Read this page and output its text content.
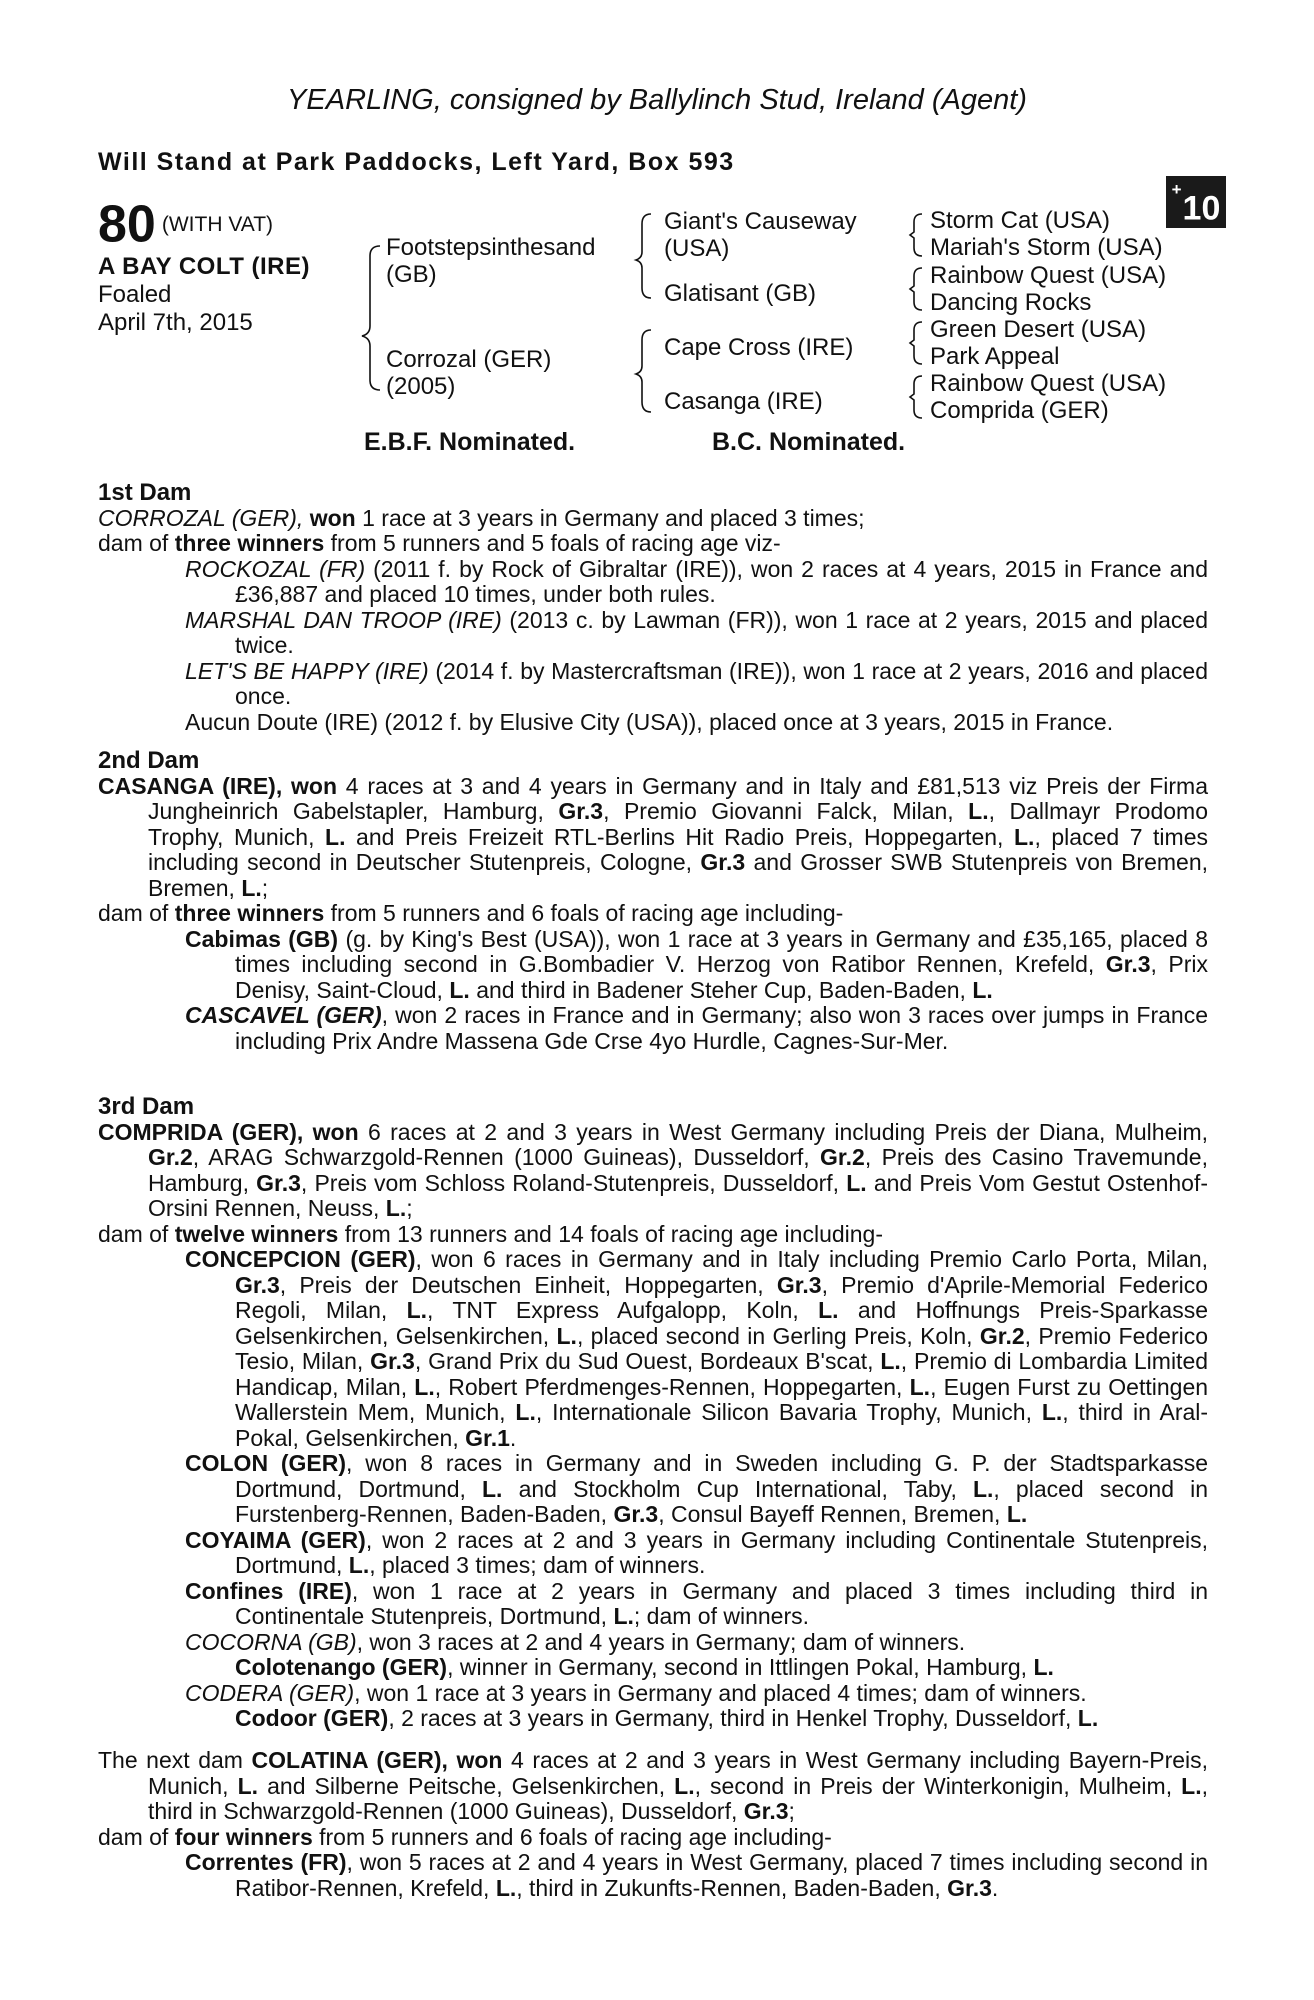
YEARLING, consigned by Ballylinch Stud, Ireland (Agent)
Will Stand at Park Paddocks, Left Yard, Box 593
+10
80 (WITH VAT)
A BAY COLT (IRE)
Foaled
April 7th, 2015
Footstepsinthesand
(GB)
Corrozal (GER)
(2005)
Giant's Causeway
(USA)
Glatisant (GB)
Cape Cross (IRE)
Casanga (IRE)
Storm Cat (USA)
Mariah's Storm (USA)
Rainbow Quest (USA)
Dancing Rocks
Green Desert (USA)
Park Appeal
Rainbow Quest (USA)
Comprida (GER)
E.B.F. Nominated.	B.C. Nominated.
1st Dam
CORROZAL (GER), won 1 race at 3 years in Germany and placed 3 times;
dam of three winners from 5 runners and 5 foals of racing age viz-
ROCKOZAL (FR) (2011 f. by Rock of Gibraltar (IRE)), won 2 races at 4 years, 2015 in France and £36,887 and placed 10 times, under both rules.
MARSHAL DAN TROOP (IRE) (2013 c. by Lawman (FR)), won 1 race at 2 years, 2015 and placed twice.
LET'S BE HAPPY (IRE) (2014 f. by Mastercraftsman (IRE)), won 1 race at 2 years, 2016 and placed once.
Aucun Doute (IRE) (2012 f. by Elusive City (USA)), placed once at 3 years, 2015 in France.
2nd Dam
CASANGA (IRE), won 4 races at 3 and 4 years in Germany and in Italy and £81,513 viz Preis der Firma Jungheinrich Gabelstapler, Hamburg, Gr.3, Premio Giovanni Falck, Milan, L., Dallmayr Prodomo Trophy, Munich, L. and Preis Freizeit RTL-Berlins Hit Radio Preis, Hoppegarten, L., placed 7 times including second in Deutscher Stutenpreis, Cologne, Gr.3 and Grosser SWB Stutenpreis von Bremen, Bremen, L.;
dam of three winners from 5 runners and 6 foals of racing age including-
Cabimas (GB) (g. by King's Best (USA)), won 1 race at 3 years in Germany and £35,165, placed 8 times including second in G.Bombadier V. Herzog von Ratibor Rennen, Krefeld, Gr.3, Prix Denisy, Saint-Cloud, L. and third in Badener Steher Cup, Baden-Baden, L.
CASCAVEL (GER), won 2 races in France and in Germany; also won 3 races over jumps in France including Prix Andre Massena Gde Crse 4yo Hurdle, Cagnes-Sur-Mer.
3rd Dam
COMPRIDA (GER), won 6 races at 2 and 3 years in West Germany including Preis der Diana, Mulheim, Gr.2, ARAG Schwarzgold-Rennen (1000 Guineas), Dusseldorf, Gr.2, Preis des Casino Travemunde, Hamburg, Gr.3, Preis vom Schloss Roland-Stutenpreis, Dusseldorf, L. and Preis Vom Gestut Ostenhof-Orsini Rennen, Neuss, L.;
dam of twelve winners from 13 runners and 14 foals of racing age including-
CONCEPCION (GER), won 6 races in Germany and in Italy including Premio Carlo Porta, Milan, Gr.3, Preis der Deutschen Einheit, Hoppegarten, Gr.3, Premio d'Aprile-Memorial Federico Regoli, Milan, L., TNT Express Aufgalopp, Koln, L. and Hoffnungs Preis-Sparkasse Gelsenkirchen, Gelsenkirchen, L., placed second in Gerling Preis, Koln, Gr.2, Premio Federico Tesio, Milan, Gr.3, Grand Prix du Sud Ouest, Bordeaux B'scat, L., Premio di Lombardia Limited Handicap, Milan, L., Robert Pferdmenges-Rennen, Hoppegarten, L., Eugen Furst zu Oettingen Wallerstein Mem, Munich, L., Internationale Silicon Bavaria Trophy, Munich, L., third in Aral-Pokal, Gelsenkirchen, Gr.1.
COLON (GER), won 8 races in Germany and in Sweden including G. P. der Stadtsparkasse Dortmund, Dortmund, L. and Stockholm Cup International, Taby, L., placed second in Furstenberg-Rennen, Baden-Baden, Gr.3, Consul Bayeff Rennen, Bremen, L.
COYAIMA (GER), won 2 races at 2 and 3 years in Germany including Continentale Stutenpreis, Dortmund, L., placed 3 times; dam of winners.
Confines (IRE), won 1 race at 2 years in Germany and placed 3 times including third in Continentale Stutenpreis, Dortmund, L.; dam of winners.
COCORNA (GB), won 3 races at 2 and 4 years in Germany; dam of winners.
Colotenango (GER), winner in Germany, second in Ittlingen Pokal, Hamburg, L.
CODERA (GER), won 1 race at 3 years in Germany and placed 4 times; dam of winners.
Codoor (GER), 2 races at 3 years in Germany, third in Henkel Trophy, Dusseldorf, L.
The next dam COLATINA (GER), won 4 races at 2 and 3 years in West Germany including Bayern-Preis, Munich, L. and Silberne Peitsche, Gelsenkirchen, L., second in Preis der Winterkonigin, Mulheim, L., third in Schwarzgold-Rennen (1000 Guineas), Dusseldorf, Gr.3;
dam of four winners from 5 runners and 6 foals of racing age including-
Correntes (FR), won 5 races at 2 and 4 years in West Germany, placed 7 times including second in Ratibor-Rennen, Krefeld, L., third in Zukunfts-Rennen, Baden-Baden, Gr.3.
